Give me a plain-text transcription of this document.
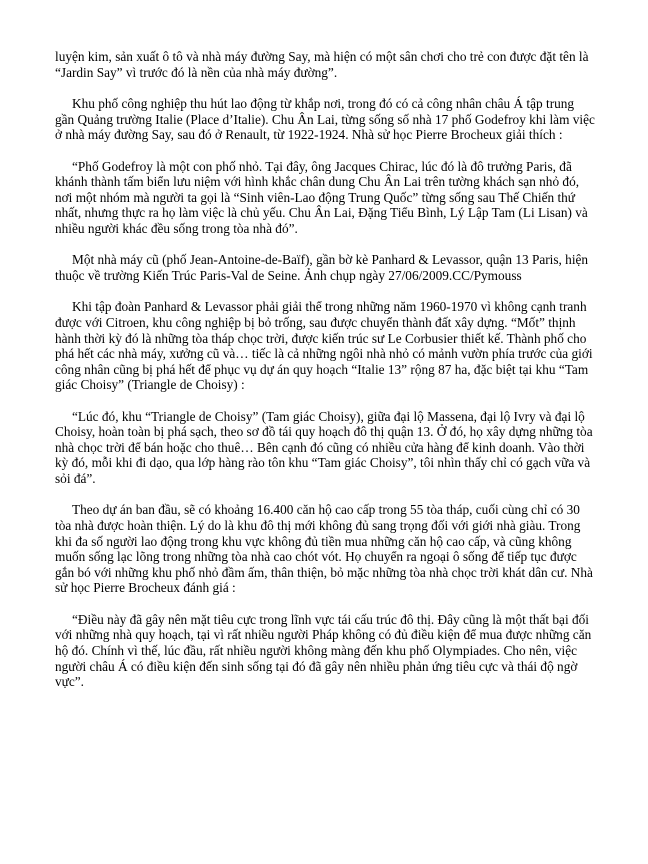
luyện kim, sản xuất ô tô và nhà máy đường Say, mà hiện có một sân chơi cho trẻ con được đặt tên là “Jardin Say” vì trước đó là nền của nhà máy đường”.

Khu phố công nghiệp thu hút lao động từ khắp nơi, trong đó có cả công nhân châu Á tập trung gần Quảng trường Italie (Place d’Italie). Chu Ân Lai, từng sống số nhà 17 phố Godefroy khi làm việc ở nhà máy đường Say, sau đó ở Renault, từ 1922-1924. Nhà sử học Pierre Brocheux giải thích :

“Phố Godefroy là một con phố nhỏ. Tại đây, ông Jacques Chirac, lúc đó là đô trưởng Paris, đã khánh thành tấm biển lưu niệm với hình khắc chân dung Chu Ân Lai trên tường khách sạn nhỏ đó, nơi một nhóm mà người ta gọi là “Sinh viên-Lao động Trung Quốc” từng sống sau Thế Chiến thứ nhất, nhưng thực ra họ làm việc là chủ yếu. Chu Ân Lai, Đặng Tiểu Bình, Lý Lập Tam (Li Lisan) và nhiều người khác đều sống trong tòa nhà đó”.

Một nhà máy cũ (phố Jean-Antoine-de-Baïf), gần bờ kè Panhard & Levassor, quận 13 Paris, hiện thuộc về trường Kiến Trúc Paris-Val de Seine. Ảnh chụp ngày 27/06/2009.CC/Pymouss

Khi tập đoàn Panhard & Levassor phải giải thể trong những năm 1960-1970 vì không cạnh tranh được với Citroen, khu công nghiệp bị bỏ trống, sau được chuyển thành đất xây dựng. “Mốt” thịnh hành thời kỳ đó là những tòa tháp chọc trời, được kiến trúc sư Le Corbusier thiết kế. Thành phố cho phá hết các nhà máy, xưởng cũ và… tiếc là cả những ngôi nhà nhỏ có mảnh vườn phía trước của giới công nhân cũng bị phá hết để phục vụ dự án quy hoạch “Italie 13” rộng 87 ha, đặc biệt tại khu “Tam giác Choisy” (Triangle de Choisy) :

“Lúc đó, khu “Triangle de Choisy” (Tam giác Choisy), giữa đại lộ Massena, đại lộ Ivry và đại lộ Choisy, hoàn toàn bị phá sạch, theo sơ đồ tái quy hoạch đô thị quận 13. Ở đó, họ xây dựng những tòa nhà chọc trời để bán hoặc cho thuê… Bên cạnh đó cũng có nhiều cửa hàng để kinh doanh. Vào thời kỳ đó, mỗi khi đi dạo, qua lớp hàng rào tôn khu “Tam giác Choisy”, tôi nhìn thấy chỉ có gạch vữa và sỏi đá”.

Theo dự án ban đầu, sẽ có khoảng 16.400 căn hộ cao cấp trong 55 tòa tháp, cuối cùng chỉ có 30 tòa nhà được hoàn thiện. Lý do là khu đô thị mới không đủ sang trọng đối với giới nhà giàu. Trong khi đa số người lao động trong khu vực không đủ tiền mua những căn hộ cao cấp, và cũng không muốn sống lạc lõng trong những tòa nhà cao chót vót. Họ chuyển ra ngoại ô sống để tiếp tục được gắn bó với những khu phố nhỏ đầm ấm, thân thiện, bỏ mặc những tòa nhà chọc trời khát dân cư. Nhà sử học Pierre Brocheux đánh giá :

“Điều này đã gây nên mặt tiêu cực trong lĩnh vực tái cấu trúc đô thị. Đây cũng là một thất bại đối với những nhà quy hoạch, tại vì rất nhiều người Pháp không có đủ điều kiện để mua được những căn hộ đó. Chính vì thế, lúc đầu, rất nhiều người không màng đến khu phố Olympiades. Cho nên, việc người châu Á có điều kiện đến sinh sống tại đó đã gây nên nhiều phản ứng tiêu cực và thái độ ngờ vực”.
